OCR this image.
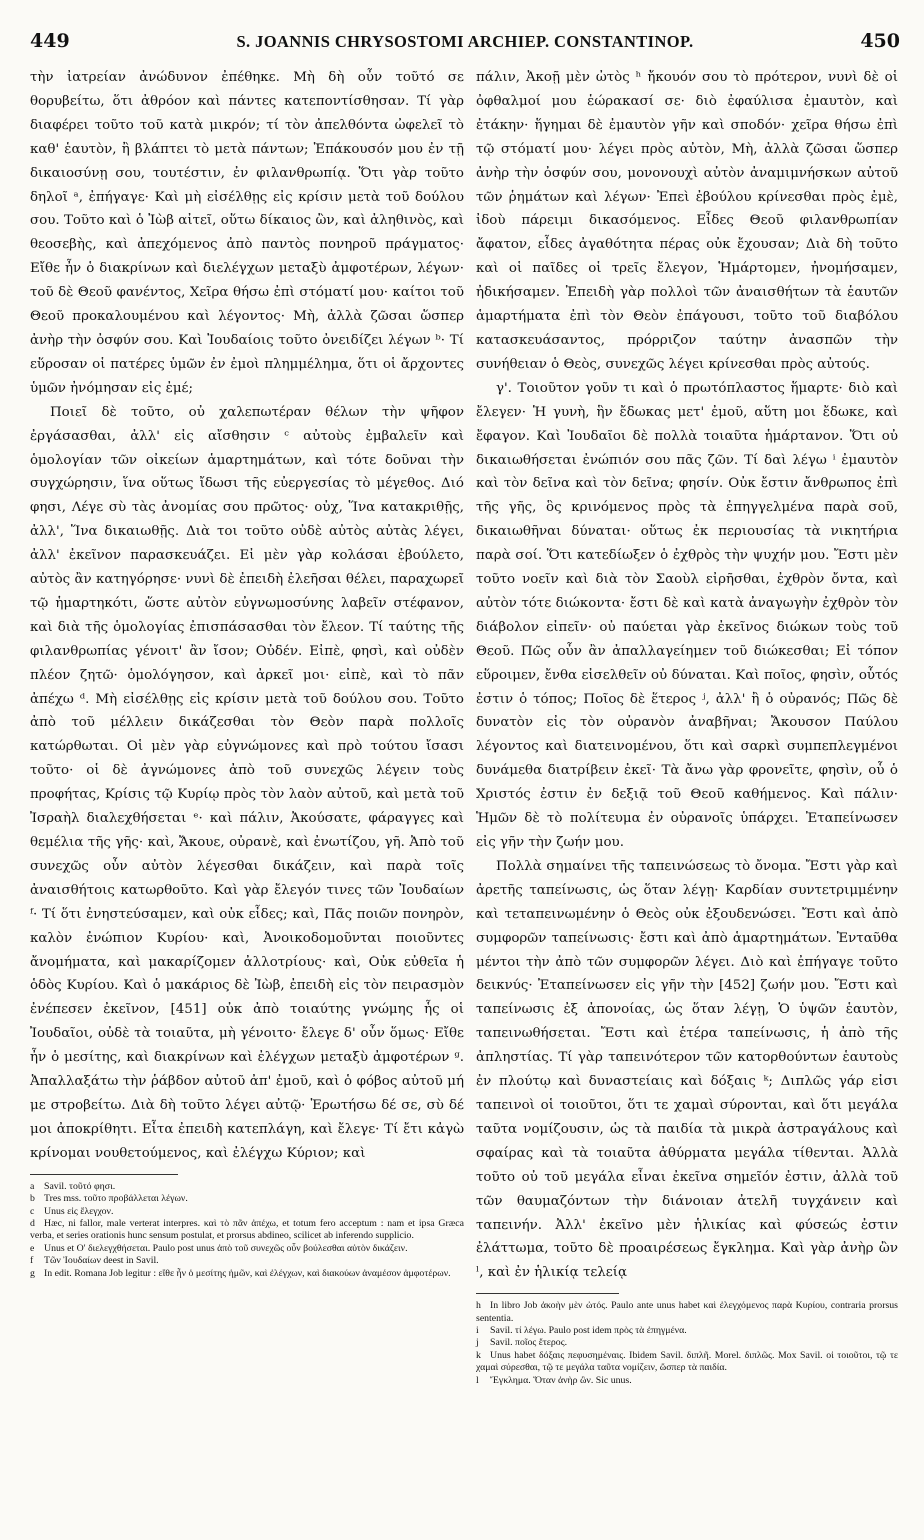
449	S. JOANNIS CHRYSOSTOMI ARCHIEP. CONSTANTINOP.	450

τὴν ἰατρείαν ἀνώδυνον ἐπέθηκε. Μὴ δὴ οὖν τοῦτό σε θορυβείτω, ὅτι ἀθρόον καὶ πάντες κατεποντίσθησαν. Τί γὰρ διαφέρει τοῦτο τοῦ κατὰ μικρόν; τί τὸν ἀπελθόντα ὠφελεῖ τὸ καθ' ἑαυτὸν, ἢ βλάπτει τὸ μετὰ πάντων; Ἐπάκουσόν μου ἐν τῇ δικαιοσύνῃ σου, τουτέστιν, ἐν φιλανθρωπίᾳ. Ὅτι γὰρ τοῦτο δηλοῖ ᵃ, ἐπήγαγε· Καὶ μὴ εἰσέλθῃς εἰς κρίσιν μετὰ τοῦ δούλου σου. Τοῦτο καὶ ὁ Ἰὼβ αἰτεῖ, οὕτω δίκαιος ὢν, καὶ ἀληθινὸς, καὶ θεοσεβὴς, καὶ ἀπεχόμενος ἀπὸ παντὸς πονηροῦ πράγματος· Εἴθε ἦν ὁ διακρίνων καὶ διελέγχων μεταξὺ ἀμφοτέρων, λέγων· τοῦ δὲ Θεοῦ φανέντος, Χεῖρα θήσω ἐπὶ στόματί μου· καίτοι τοῦ Θεοῦ προκαλουμένου καὶ λέγοντος· Μὴ, ἀλλὰ ζῶσαι ὥσπερ ἀνὴρ τὴν ὀσφύν σου. Καὶ Ἰουδαίοις τοῦτο ὀνειδίζει λέγων ᵇ· Τί εὕροσαν οἱ πατέρες ὑμῶν ἐν ἐμοὶ πλημμέλημα, ὅτι οἱ ἄρχοντες ὑμῶν ἠνόμησαν εἰς ἐμέ;

Ποιεῖ δὲ τοῦτο, οὐ χαλεπωτέραν θέλων τὴν ψῆφον ἐργάσασθαι, ἀλλ' εἰς αἴσθησιν ᶜ αὐτοὺς ἐμβαλεῖν καὶ ὁμολογίαν τῶν οἰκείων ἁμαρτημάτων, καὶ τότε δοῦναι τὴν συγχώρησιν, ἵνα οὕτως ἴδωσι τῆς εὐεργεσίας τὸ μέγεθος. Διό φησι, Λέγε σὺ τὰς ἀνομίας σου πρῶτος· οὐχ, Ἵνα κατακριθῇς, ἀλλ', Ἵνα δικαιωθῇς. Διὰ τοι τοῦτο οὐδὲ αὐτὸς αὐτὰς λέγει, ἀλλ' ἐκεῖνον παρασκευάζει. Εἰ μὲν γὰρ κολάσαι ἐβούλετο, αὐτὸς ἂν κατηγόρησε· νυνὶ δὲ ἐπειδὴ ἐλεῆσαι θέλει, παραχωρεῖ τῷ ἡμαρτηκότι, ὥστε αὐτὸν εὐγνωμοσύνης λαβεῖν στέφανον, καὶ διὰ τῆς ὁμολογίας ἐπισπάσασθαι τὸν ἔλεον. Τί ταύτης τῆς φιλανθρωπίας γένοιτ' ἂν ἴσον; Οὐδέν. Εἰπὲ, φησὶ, καὶ οὐδὲν πλέον ζητῶ· ὁμολόγησον, καὶ ἀρκεῖ μοι· εἰπὲ, καὶ τὸ πᾶν ἀπέχω ᵈ. Μὴ εἰσέλθῃς εἰς κρίσιν μετὰ τοῦ δούλου σου. Τοῦτο ἀπὸ τοῦ μέλλειν δικάζεσθαι τὸν Θεὸν παρὰ πολλοῖς κατώρθωται. Οἱ μὲν γὰρ εὐγνώμονες καὶ πρὸ τούτου ἴσασι τοῦτο· οἱ δὲ ἀγνώμονες ἀπὸ τοῦ συνεχῶς λέγειν τοὺς προφήτας, Κρίσις τῷ Κυρίῳ πρὸς τὸν λαὸν αὐτοῦ, καὶ μετὰ τοῦ Ἰσραὴλ διαλεχθήσεται ᵉ· καὶ πάλιν, Ἀκούσατε, φάραγγες καὶ θεμέλια τῆς γῆς· καὶ, Ἄκουε, οὐρανὲ, καὶ ἐνωτίζου, γῆ. Ἀπὸ τοῦ συνεχῶς οὖν αὐτὸν λέγεσθαι δικάζειν, καὶ παρὰ τοῖς ἀναισθήτοις κατωρθοῦτο. Καὶ γὰρ ἔλεγόν τινες τῶν Ἰουδαίων ᶠ· Τί ὅτι ἐνηστεύσαμεν, καὶ οὐκ εἶδες; καὶ, Πᾶς ποιῶν πονηρὸν, καλὸν ἐνώπιον Κυρίου· καὶ, Ἀνοικοδομοῦνται ποιοῦντες ἄνομήματα, καὶ μακαρίζομεν ἀλλοτρίους· καὶ, Οὐκ εὐθεῖα ἡ ὁδὸς Κυρίου. Καὶ ὁ μακάριος δὲ Ἰὼβ, ἐπειδὴ εἰς τὸν πειρασμὸν ἐνέπεσεν ἐκεῖνον, [451] οὐκ ἀπὸ τοιαύτης γνώμης ἧς οἱ Ἰουδαῖοι, οὐδὲ τὰ τοιαῦτα, μὴ γένοιτο· ἔλεγε δ' οὖν ὅμως· Εἴθε ἦν ὁ μεσίτης, καὶ διακρίνων καὶ ἐλέγχων μεταξὺ ἀμφοτέρων ᵍ. Ἀπαλλαξάτω τὴν ῥάβδον αὐτοῦ ἀπ' ἐμοῦ, καὶ ὁ φόβος αὐτοῦ μή με στροβείτω. Διὰ δὴ τοῦτο λέγει αὐτῷ· Ἐρωτήσω δέ σε, σὺ δέ μοι ἀποκρίθητι. Εἶτα ἐπειδὴ κατεπλάγη, καὶ ἔλεγε· Τί ἔτι κἀγὼ κρίνομαι νουθετούμενος, καὶ ἐλέγχω Κύριον; καὶ

a Savil. τοῦτό φησι.

b Tres mss. τοῦτο προβάλλεται λέγων.

c Unus εἰς ἔλεγχον.

d Hæc, ni fallor, male verterat interpres. καὶ τὸ πᾶν ἀπέχω, et totum fero acceptum : nam et ipsa Græca verba, et series orationis hunc sensum postulat, et prorsus abdineo, scilicet ab inferendo supplicio.

e Unus et O' διελεγχθήσεται. Paulo post unus ἀπὸ τοῦ συνεχῶς οὖν βούλεσθαι αὐτὸν δικάζειν.

f Τῶν Ἰουδαίων deest in Savil.

g In edit. Romana Job legitur : εἴθε ἦν ὁ μεσίτης ἡμῶν, καὶ ἐλέγχων, καὶ διακούων ἀναμέσον ἀμφοτέρων.

πάλιν, Ἀκοῇ μὲν ὠτὸς ʰ ἤκουόν σου τὸ πρότερον, νυνὶ δὲ οἱ ὀφθαλμοί μου ἑώρακασί σε· διὸ ἐφαύλισα ἐμαυτὸν, καὶ ἐτάκην· ἥγημαι δὲ ἐμαυτὸν γῆν καὶ σποδόν· χεῖρα θήσω ἐπὶ τῷ στόματί μου· λέγει πρὸς αὐτὸν, Μὴ, ἀλλὰ ζῶσαι ὥσπερ ἀνὴρ τὴν ὀσφύν σου, μονονουχὶ αὐτὸν ἀναμιμνήσκων αὐτοῦ τῶν ῥημάτων καὶ λέγων· Ἐπεὶ ἐβούλου κρίνεσθαι πρὸς ἐμὲ, ἰδοὺ πάρειμι δικασόμενος. Εἶδες Θεοῦ φιλανθρωπίαν ἄφατον, εἶδες ἀγαθότητα πέρας οὐκ ἔχουσαν; Διὰ δὴ τοῦτο καὶ οἱ παῖδες οἱ τρεῖς ἔλεγον, Ἡμάρτομεν, ἠνομήσαμεν, ἠδικήσαμεν. Ἐπειδὴ γὰρ πολλοὶ τῶν ἀναισθήτων τὰ ἑαυτῶν ἁμαρτήματα ἐπὶ τὸν Θεὸν ἐπάγουσι, τοῦτο τοῦ διαβόλου κατασκευάσαντος, πρόρριζον ταύτην ἀνασπῶν τὴν συνήθειαν ὁ Θεὸς, συνεχῶς λέγει κρίνεσθαι πρὸς αὐτούς.

γ'. Τοιοῦτον γοῦν τι καὶ ὁ πρωτόπλαστος ἥμαρτε· διὸ καὶ ἔλεγεν· Ἡ γυνὴ, ἣν ἔδωκας μετ' ἐμοῦ, αὕτη μοι ἔδωκε, καὶ ἔφαγον. Καὶ Ἰουδαῖοι δὲ πολλὰ τοιαῦτα ἡμάρτανον. Ὅτι οὐ δικαιωθήσεται ἐνώπιόν σου πᾶς ζῶν. Τί δαὶ λέγω ⁱ ἐμαυτὸν καὶ τὸν δεῖνα καὶ τὸν δεῖνα; φησίν. Οὐκ ἔστιν ἄνθρωπος ἐπὶ τῆς γῆς, ὃς κρινόμενος πρὸς τὰ ἐπηγγελμένα παρὰ σοῦ, δικαιωθῆναι δύναται· οὕτως ἐκ περιουσίας τὰ νικητήρια παρὰ σοί. Ὅτι κατεδίωξεν ὁ ἐχθρὸς τὴν ψυχήν μου. Ἔστι μὲν τοῦτο νοεῖν καὶ διὰ τὸν Σαοὺλ εἰρῆσθαι, ἐχθρὸν ὄντα, καὶ αὐτὸν τότε διώκοντα· ἔστι δὲ καὶ κατὰ ἀναγωγὴν ἐχθρὸν τὸν διάβολον εἰπεῖν· οὐ παύεται γὰρ ἐκεῖνος διώκων τοὺς τοῦ Θεοῦ. Πῶς οὖν ἂν ἀπαλλαγείημεν τοῦ διώκεσθαι; Εἰ τόπον εὕροιμεν, ἔνθα εἰσελθεῖν οὐ δύναται. Καὶ ποῖος, φησὶν, οὗτός ἐστιν ὁ τόπος; Ποῖος δὲ ἕτερος ʲ, ἀλλ' ἢ ὁ οὐρανός; Πῶς δὲ δυνατὸν εἰς τὸν οὐρανὸν ἀναβῆναι; Ἄκουσον Παύλου λέγοντος καὶ διατεινομένου, ὅτι καὶ σαρκὶ συμπεπλεγμένοι δυνάμεθα διατρίβειν ἐκεῖ· Τὰ ἄνω γὰρ φρονεῖτε, φησὶν, οὗ ὁ Χριστός ἐστιν ἐν δεξιᾷ τοῦ Θεοῦ καθήμενος. Καὶ πάλιν· Ἡμῶν δὲ τὸ πολίτευμα ἐν οὐρανοῖς ὑπάρχει. Ἐταπείνωσεν εἰς γῆν τὴν ζωήν μου.

Πολλὰ σημαίνει τῆς ταπεινώσεως τὸ ὄνομα. Ἔστι γὰρ καὶ ἀρετῆς ταπείνωσις, ὡς ὅταν λέγῃ· Καρδίαν συντετριμμένην καὶ τεταπεινωμένην ὁ Θεὸς οὐκ ἐξουδενώσει. Ἔστι καὶ ἀπὸ συμφορῶν ταπείνωσις· ἔστι καὶ ἀπὸ ἁμαρτημάτων. Ἐνταῦθα μέντοι τὴν ἀπὸ τῶν συμφορῶν λέγει. Διὸ καὶ ἐπήγαγε τοῦτο δεικνύς· Ἐταπείνωσεν εἰς γῆν τὴν [452] ζωήν μου. Ἔστι καὶ ταπείνωσις ἐξ ἀπονοίας, ὡς ὅταν λέγῃ, Ὁ ὑψῶν ἑαυτὸν, ταπεινωθήσεται. Ἔστι καὶ ἑτέρα ταπείνωσις, ἡ ἀπὸ τῆς ἀπληστίας. Τί γὰρ ταπεινότερον τῶν κατορθούντων ἑαυτοὺς ἐν πλούτῳ καὶ δυναστείαις καὶ δόξαις ᵏ; Διπλῶς γάρ εἰσι ταπεινοὶ οἱ τοιοῦτοι, ὅτι τε χαμαὶ σύρονται, καὶ ὅτι μεγάλα ταῦτα νομίζουσιν, ὡς τὰ παιδία τὰ μικρὰ ἀστραγάλους καὶ σφαίρας καὶ τὰ τοιαῦτα ἀθύρματα μεγάλα τίθενται. Ἀλλὰ τοῦτο οὐ τοῦ μεγάλα εἶναι ἐκεῖνα σημεῖόν ἐστιν, ἀλλὰ τοῦ τῶν θαυμαζόντων τὴν διάνοιαν ἀτελῆ τυγχάνειν καὶ ταπεινήν. Ἀλλ' ἐκεῖνο μὲν ἡλικίας καὶ φύσεώς ἐστιν ἐλάττωμα, τοῦτο δὲ προαιρέσεως ἔγκλημα. Καὶ γὰρ ἀνὴρ ὢν ˡ, καὶ ἐν ἡλικίᾳ τελείᾳ

h In libro Job ἀκοὴν μὲν ὠτός. Paulo ante unus habet καὶ ἐλεγχόμενος παρὰ Κυρίου, contraria prorsus sententia.

i Savil. τί λέγω. Paulo post idem πρὸς τὰ ἐπηγμένα.

j Savil. ποῖος ἕτερος.

k Unus habet δόξαις πεφυσημέναις. Ibidem Savil. διπλῆ. Morel. διπλῶς. Mox Savil. οἱ τοιοῦτοι, τῷ τε χαμαὶ σύρεσθαι, τῷ τε μεγάλα ταῦτα νομίζειν, ὥσπερ τὰ παιδία.

l Ἔγκλημα. Ὅταν ἀνὴρ ὢν. Sic unus.
